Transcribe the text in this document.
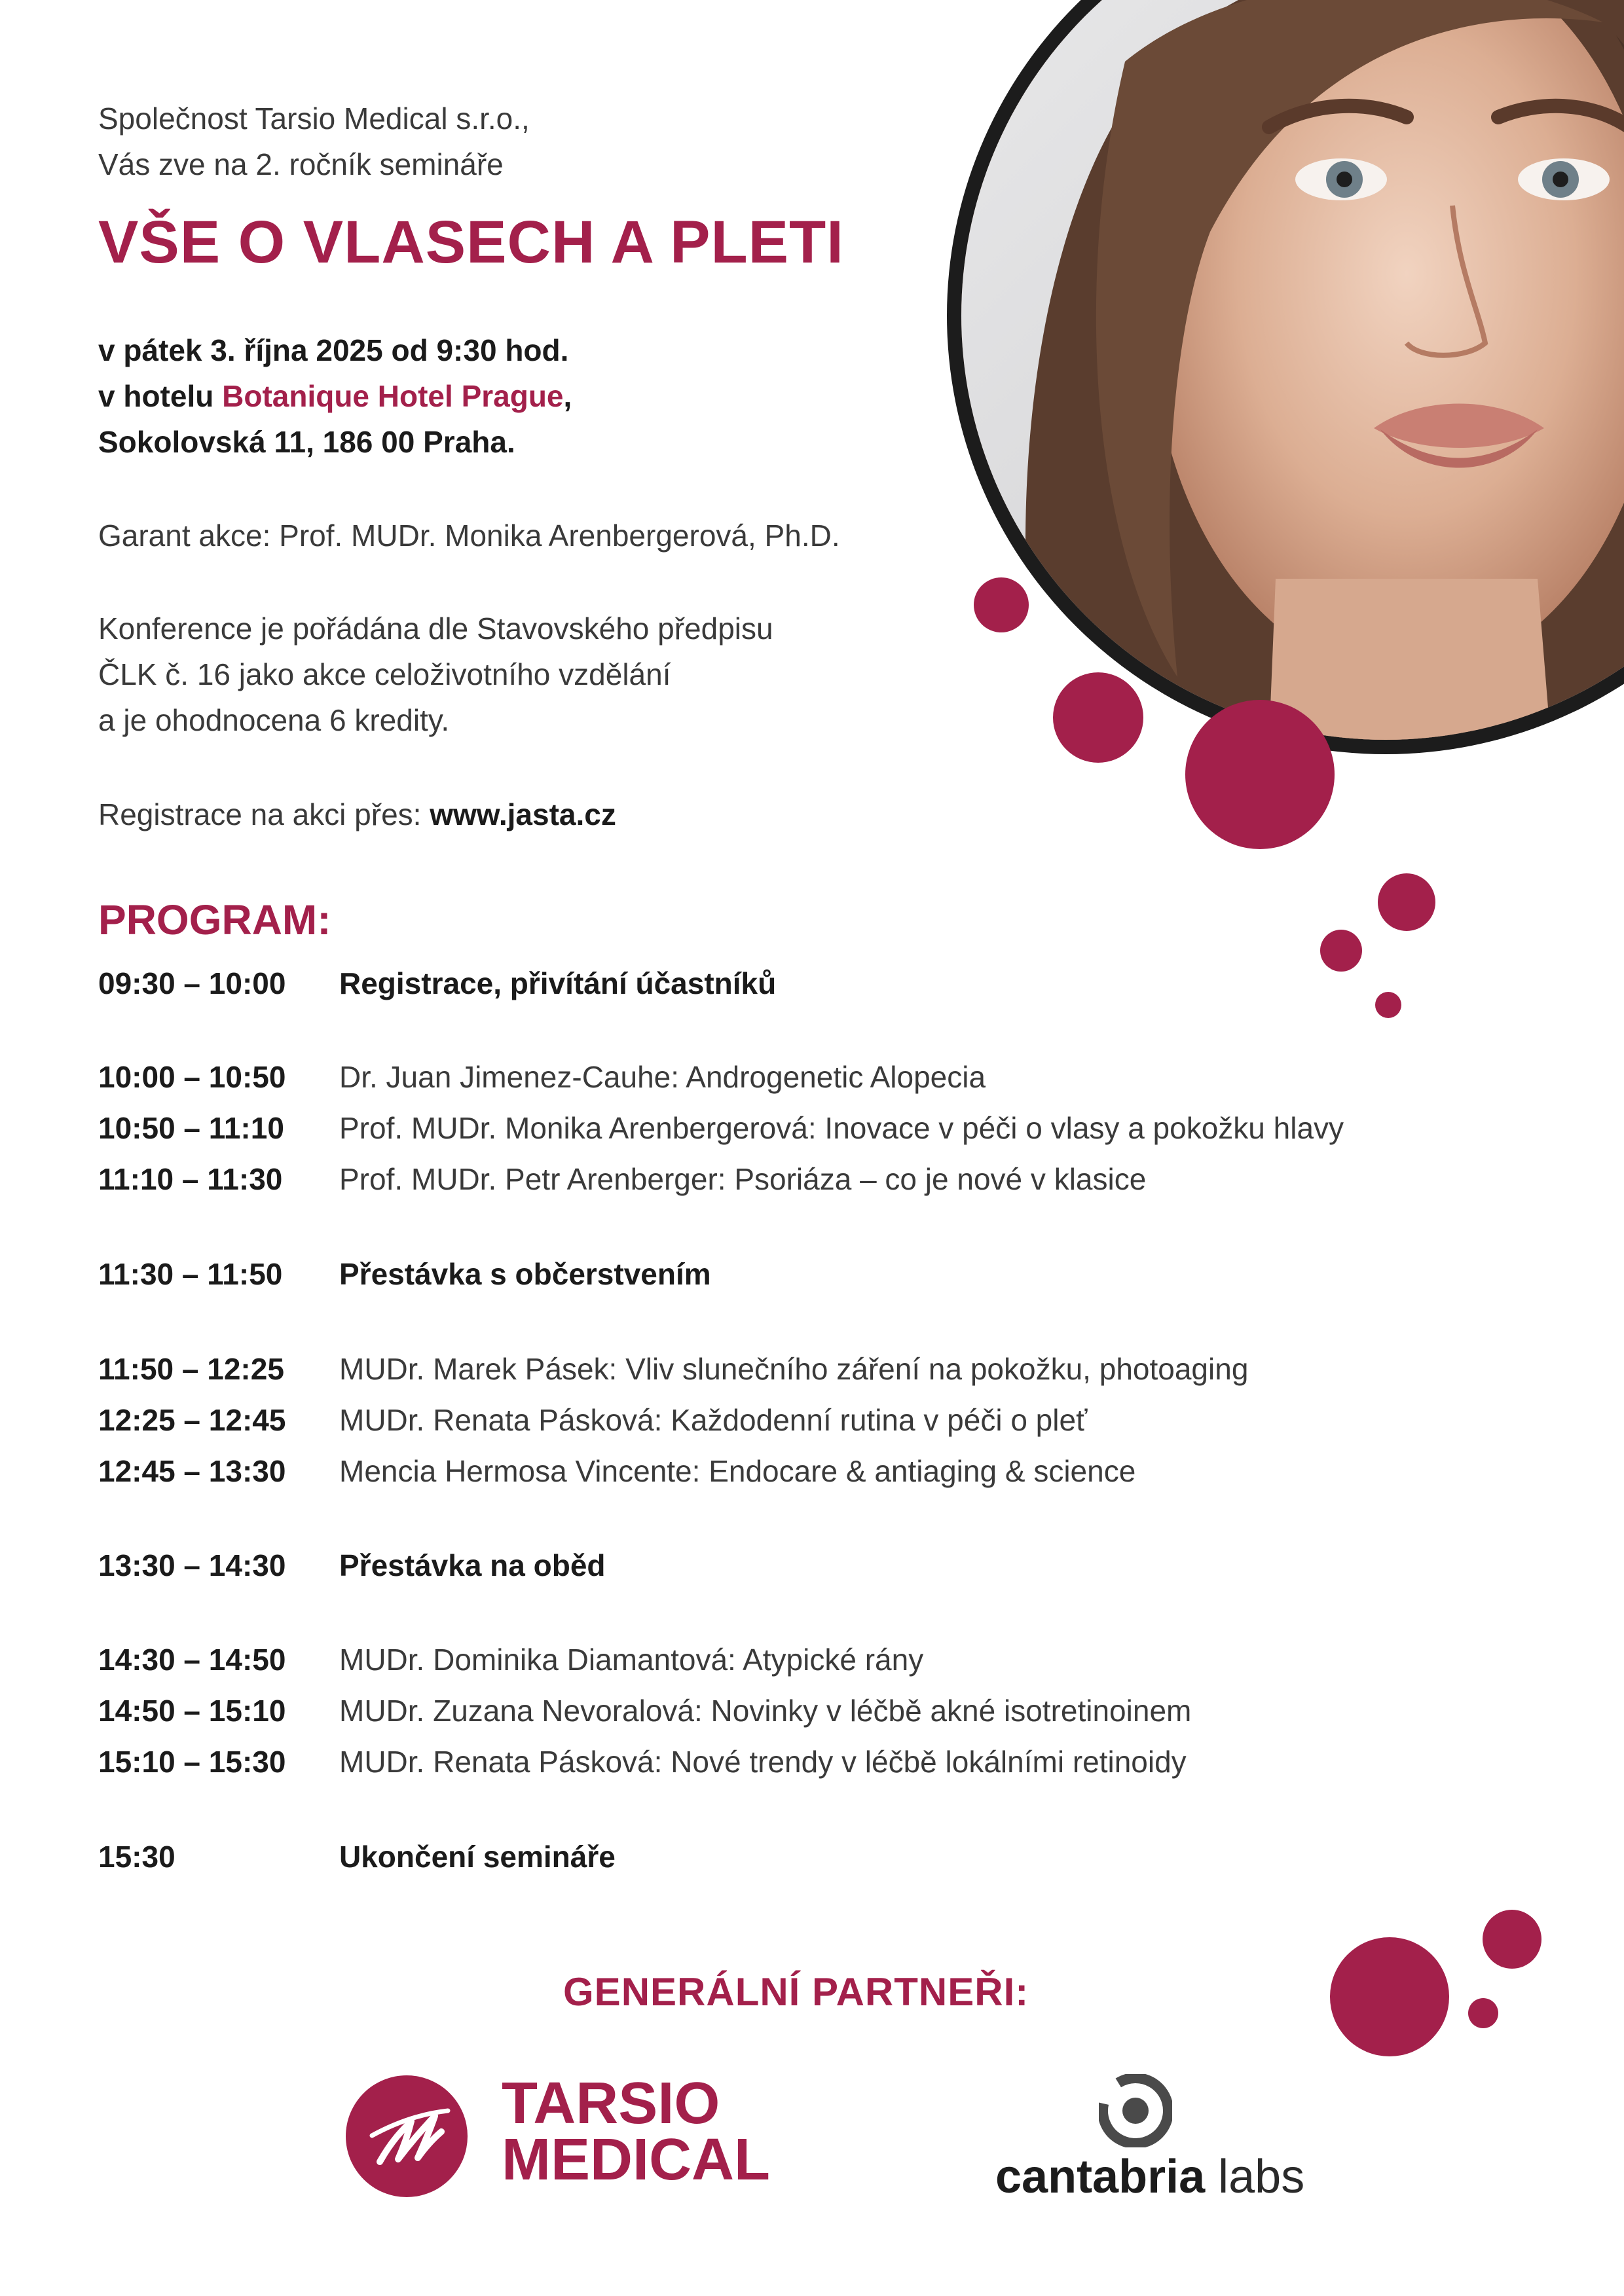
Společnost Tarsio Medical s.r.o.,
Vás zve na 2. ročník semináře
VŠE O VLASECH A PLETI
v pátek 3. října 2025 od 9:30 hod.
v hotelu Botanique Hotel Prague,
Sokolovská 11, 186 00 Praha.
Garant akce: Prof. MUDr. Monika Arenbergerová, Ph.D.
Konference je pořádána dle Stavovského předpisu
ČLK č. 16 jako akce celoživotního vzdělání
a je ohodnocena 6 kredity.
Registrace na akci přes: www.jasta.cz
PROGRAM:
09:30 – 10:00	Registrace, přivítání účastníků
10:00 – 10:50	Dr. Juan Jimenez-Cauhe: Androgenetic Alopecia
10:50 – 11:10	Prof. MUDr. Monika Arenbergerová: Inovace v péči o vlasy a pokožku hlavy
11:10 – 11:30	Prof. MUDr. Petr Arenberger: Psoriáza – co je nové v klasice
11:30 – 11:50	Přestávka s občerstvením
11:50 – 12:25	MUDr. Marek Pásek: Vliv slunečního záření na pokožku, photoaging
12:25 – 12:45	MUDr. Renata Pásková: Každodenní rutina v péči o pleť
12:45 – 13:30	Mencia Hermosa Vincente: Endocare & antiaging & science
13:30 – 14:30	Přestávka na oběd
14:30 – 14:50	MUDr. Dominika Diamantová: Atypické rány
14:50 – 15:10	MUDr. Zuzana Nevoralová: Novinky v léčbě akné isotretinoinem
15:10 – 15:30	MUDr. Renata Pásková: Nové trendy v léčbě lokálními retinoidy
15:30	Ukončení semináře
GENERÁLNÍ PARTNEŘI:
TARSIO
MEDICAL	cantabria labs
